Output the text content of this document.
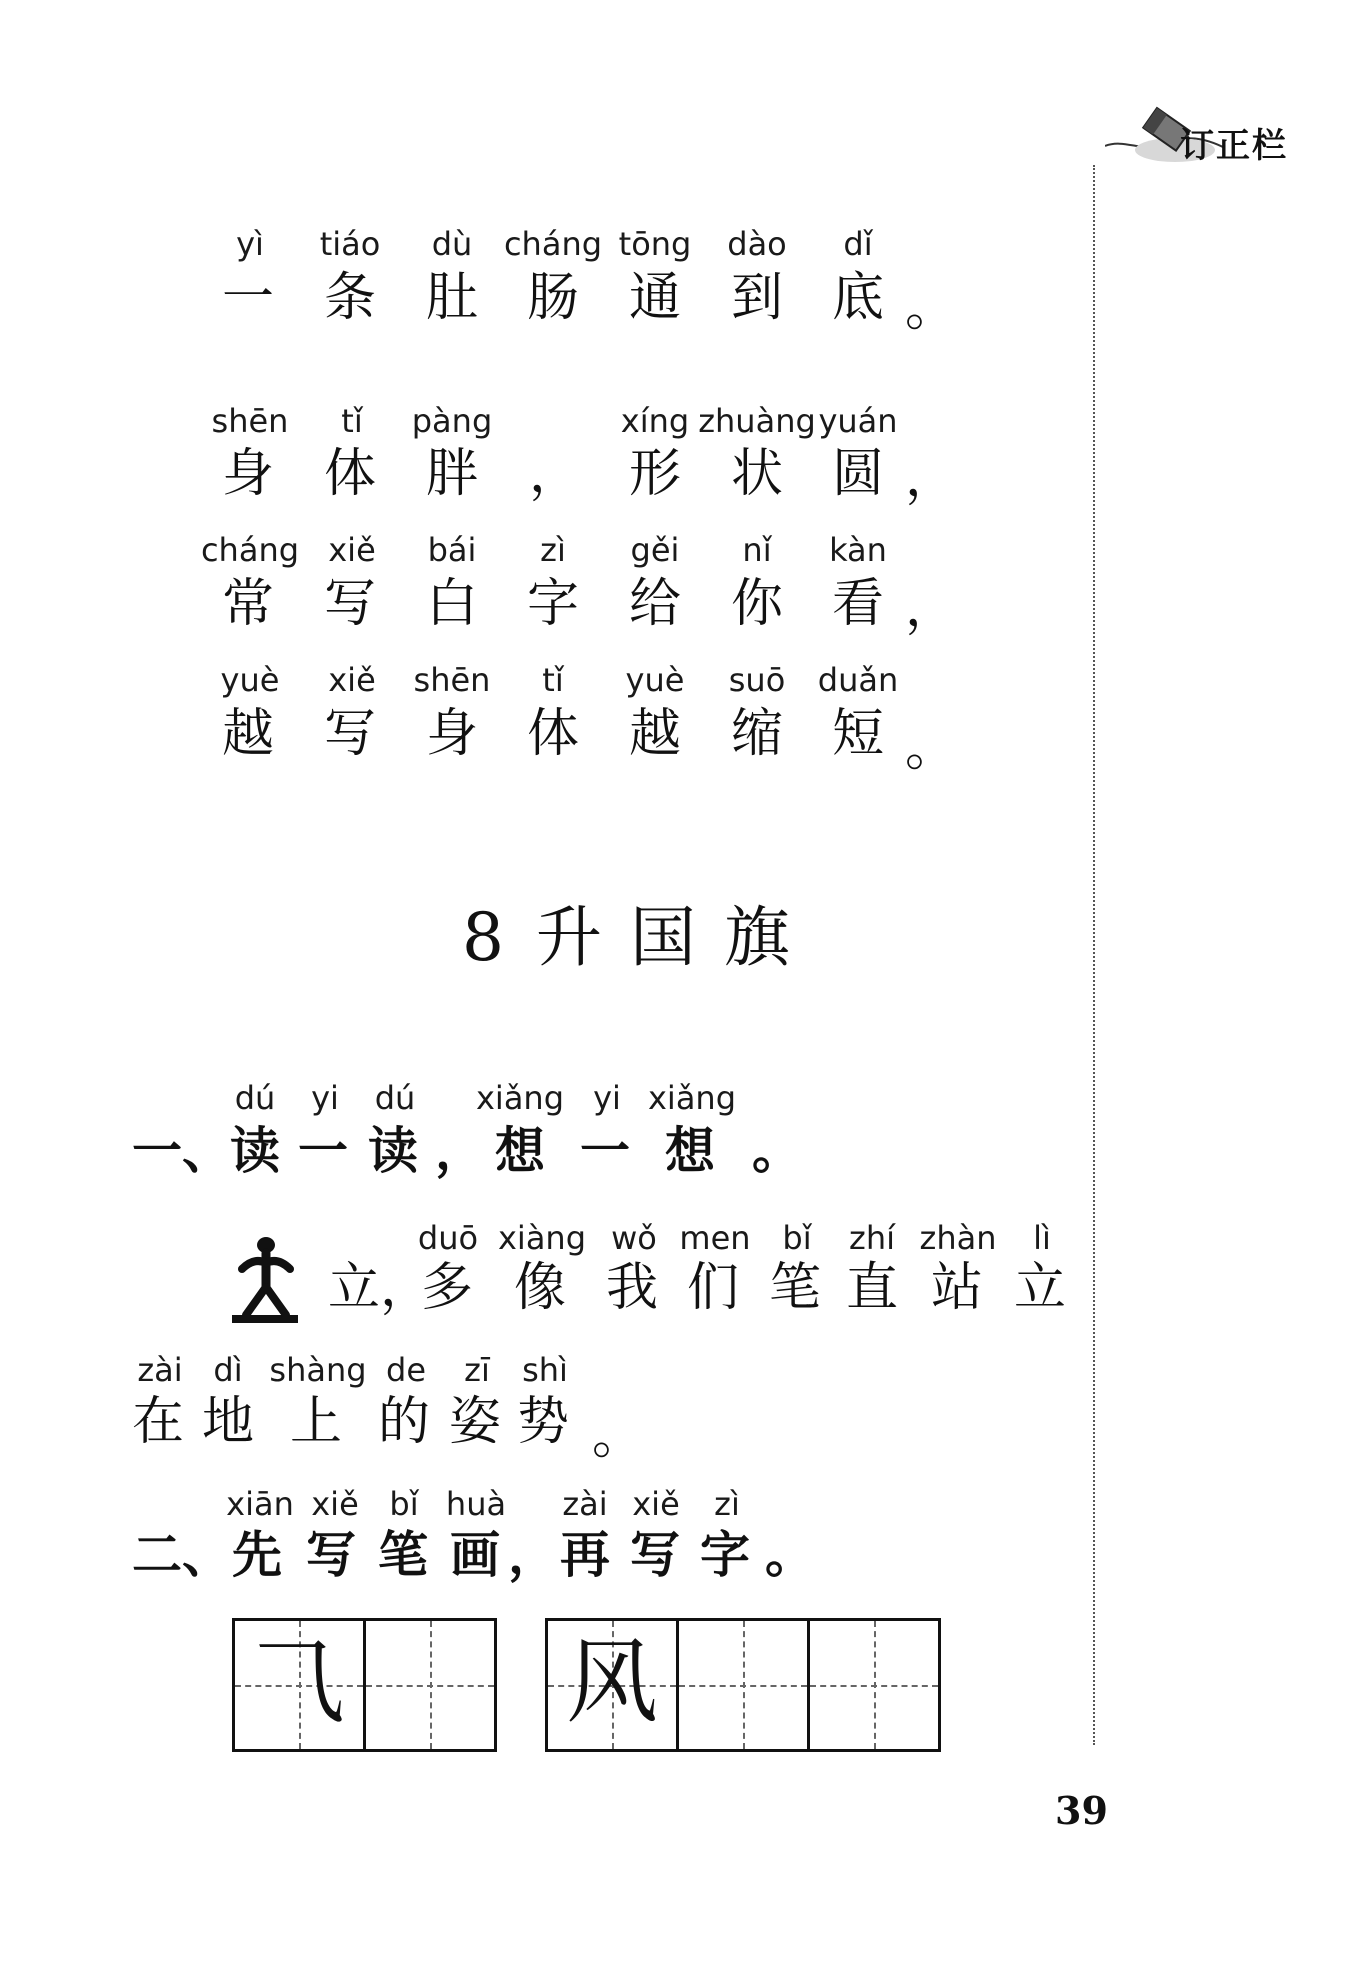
订正栏
yì tiáo dù cháng tōng dào dǐ
一 条 肚 肠 通 到 底 。
shēn tǐ pàng	xíng zhuàng yuán
身 体 胖 ， 形 状 圆 ，
cháng xiě bái zì gěi nǐ kàn
常 写 白 字 给 你 看 ，
yuè xiě shēn tǐ yuè suō duǎn
越 写 身 体 越 缩 短 。
8 升国旗
dú yi dú xiǎng yi xiǎng
一、
读 一 读 ， 想 一 想 。
duō xiàng wǒ men bǐ zhí zhàn lì
立，
多 像 我 们 笔 直 站 立
zài dì shàng de zī shì
在 地 上 的 姿 势 。
xiān xiě bǐ huà zài xiě zì
二、 先 写 笔 画 ， 再 写 字 。
⺄ 风
39
